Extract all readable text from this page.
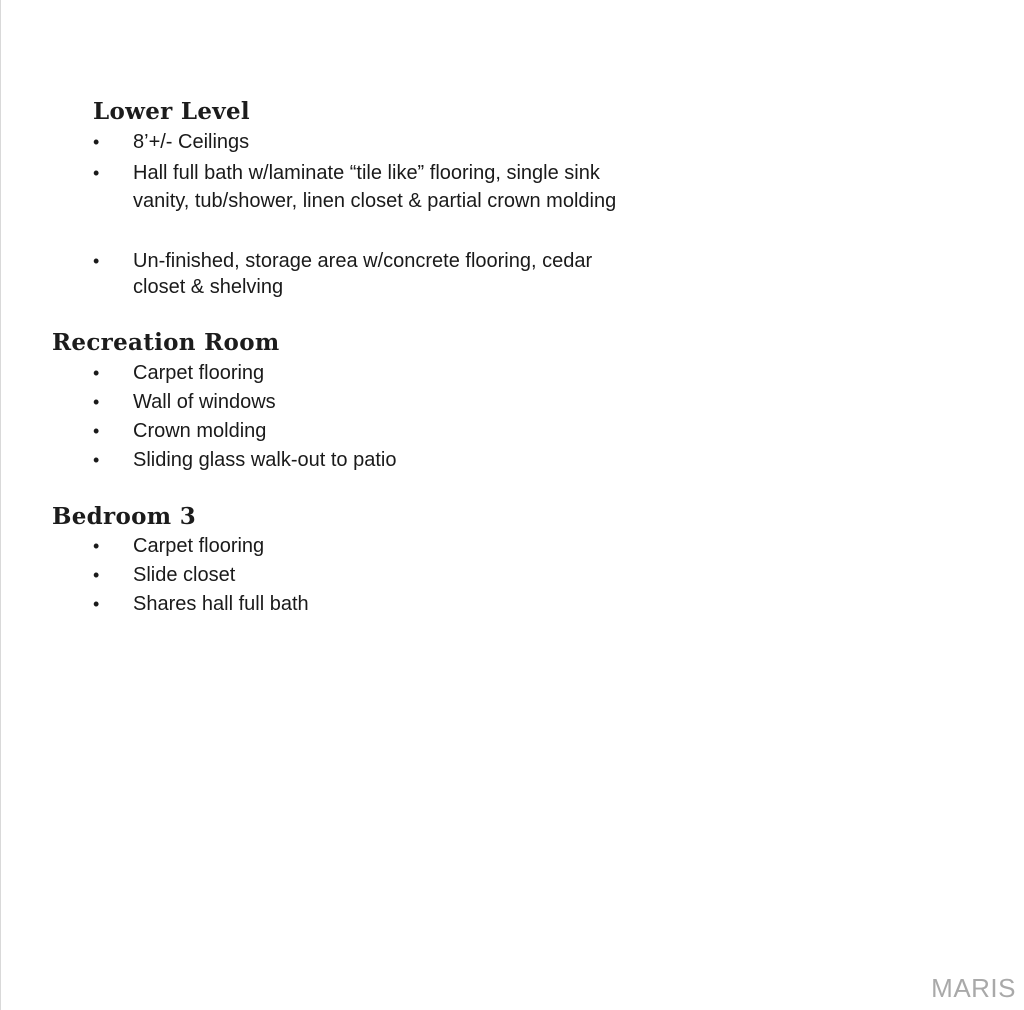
Lower Level
• 8’+/- Ceilings
• Hall full bath w/laminate “tile like” flooring, single sink vanity, tub/shower, linen closet & partial crown molding
• Un-finished, storage area w/concrete flooring, cedar closet & shelving
Recreation Room
• Carpet flooring
• Wall of windows
• Crown molding
• Sliding glass walk-out to patio
Bedroom 3
• Carpet flooring
• Slide closet
• Shares hall full bath
MARIS
